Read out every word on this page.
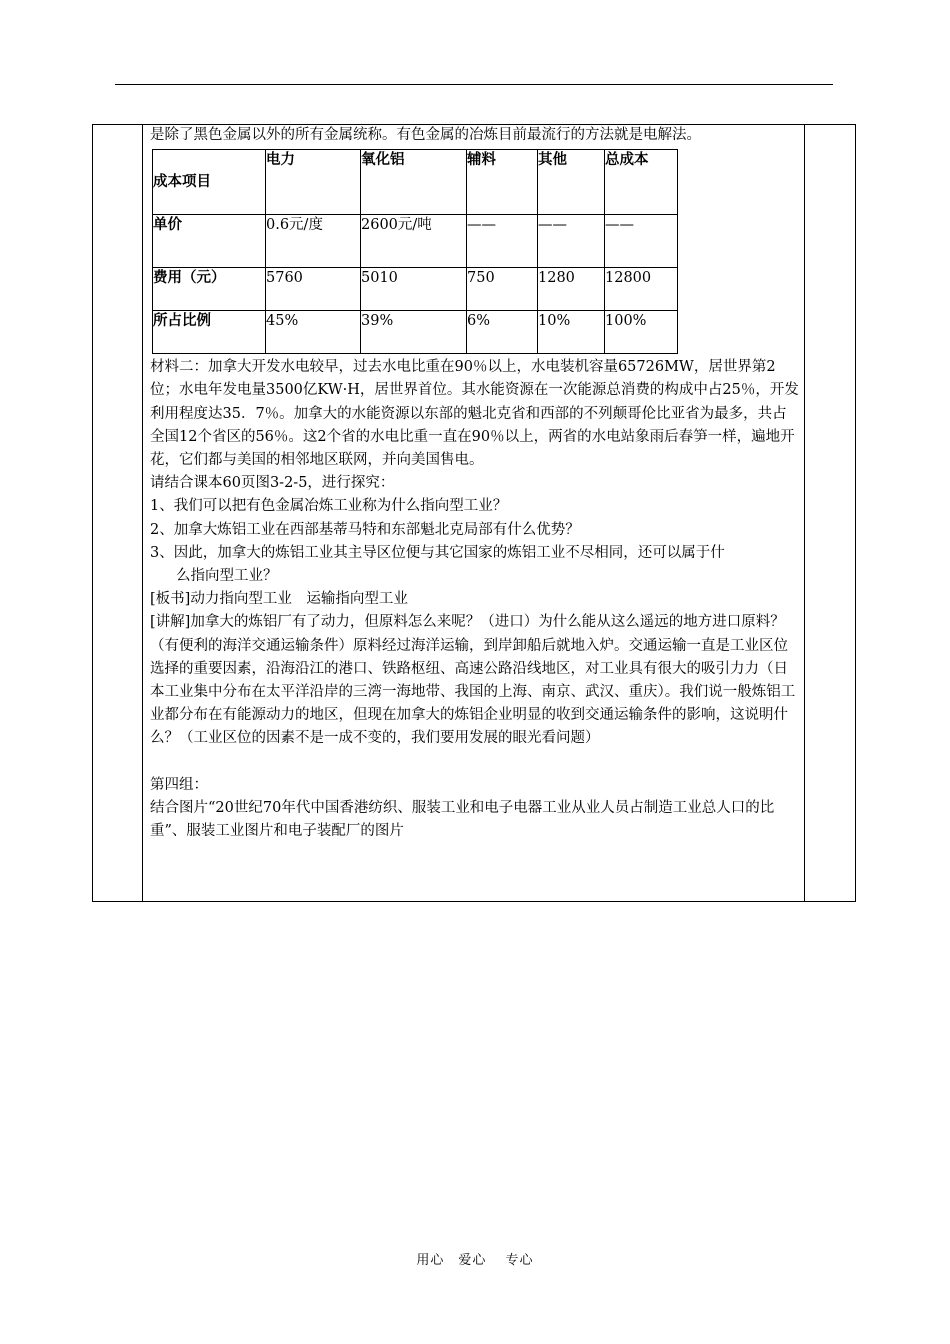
是除了黑色金属以外的所有金属统称。有色金属的冶炼目前最流行的方法就是电解法。

成本项目	电力	氧化铝	辅料	其他	总成本
单价	0.6元/度	2600元/吨	——	——	——
费用（元）	5760	5010	750	1280	12800
所占比例	45%	39%	6%	10%	100%

材料二：加拿大开发水电较早，过去水电比重在90％以上，水电装机容量65726MW，居世界第2位；水电年发电量3500亿KW·H，居世界首位。其水能资源在一次能源总消费的构成中占25％，开发利用程度达35．7％。加拿大的水能资源以东部的魁北克省和西部的不列颠哥伦比亚省为最多，共占全国12个省区的56％。这2个省的水电比重一直在90％以上，两省的水电站象雨后春笋一样，遍地开花，它们都与美国的相邻地区联网，并向美国售电。

请结合课本60页图3-2-5，进行探究：

1、我们可以把有色金属冶炼工业称为什么指向型工业？

2、加拿大炼铝工业在西部基蒂马特和东部魁北克局部有什么优势？

3、因此，加拿大的炼铝工业其主导区位便与其它国家的炼铝工业不尽相同，还可以属于什

么指向型工业？

[板书]动力指向型工业　运输指向型工业

[讲解]加拿大的炼铝厂有了动力，但原料怎么来呢？（进口）为什么能从这么遥远的地方进口原料？（有便利的海洋交通运输条件）原料经过海洋运输，到岸卸船后就地入炉。交通运输一直是工业区位选择的重要因素，沿海沿江的港口、铁路枢纽、高速公路沿线地区，对工业具有很大的吸引力力（日本工业集中分布在太平洋沿岸的三湾一海地带、我国的上海、南京、武汉、重庆）。我们说一般炼铝工业都分布在有能源动力的地区，但现在加拿大的炼铝企业明显的收到交通运输条件的影响，这说明什么？（工业区位的因素不是一成不变的，我们要用发展的眼光看问题）

第四组：

结合图片“20世纪70年代中国香港纺织、服装工业和电子电器工业从业人员占制造工业总人口的比重”、服装工业图片和电子装配厂的图片

用心　爱心　 专心
